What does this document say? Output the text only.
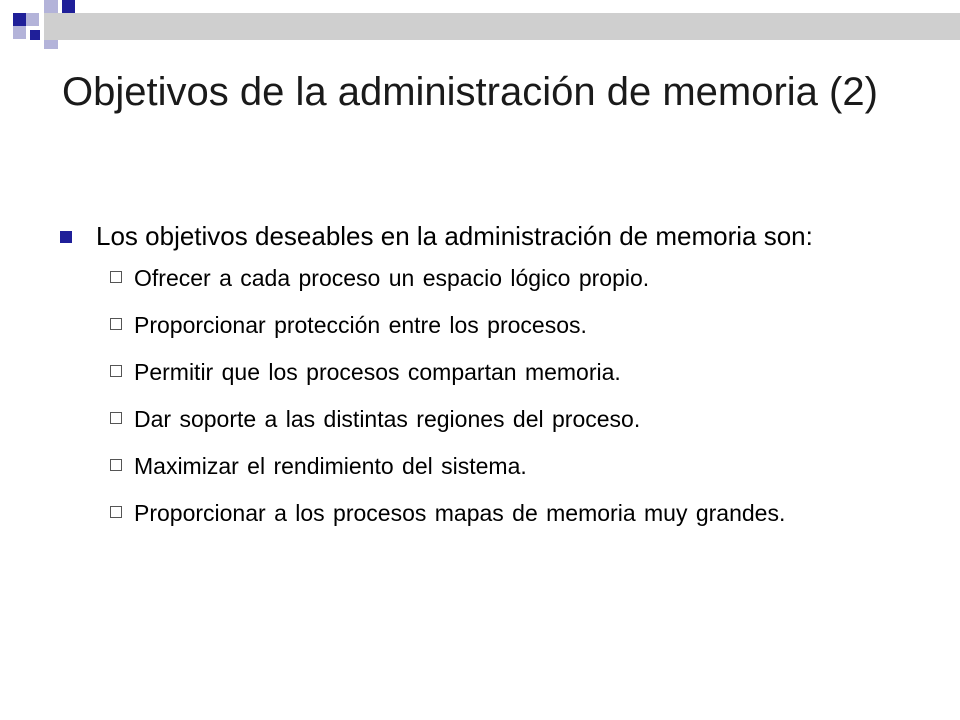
Objetivos de la administración de memoria (2)
Los objetivos deseables en la administración de memoria son:
Ofrecer a cada proceso un espacio lógico propio.
Proporcionar protección entre los procesos.
Permitir que los procesos compartan memoria.
Dar soporte a las distintas regiones del proceso.
Maximizar el rendimiento del sistema.
Proporcionar a los procesos mapas de memoria muy grandes.
